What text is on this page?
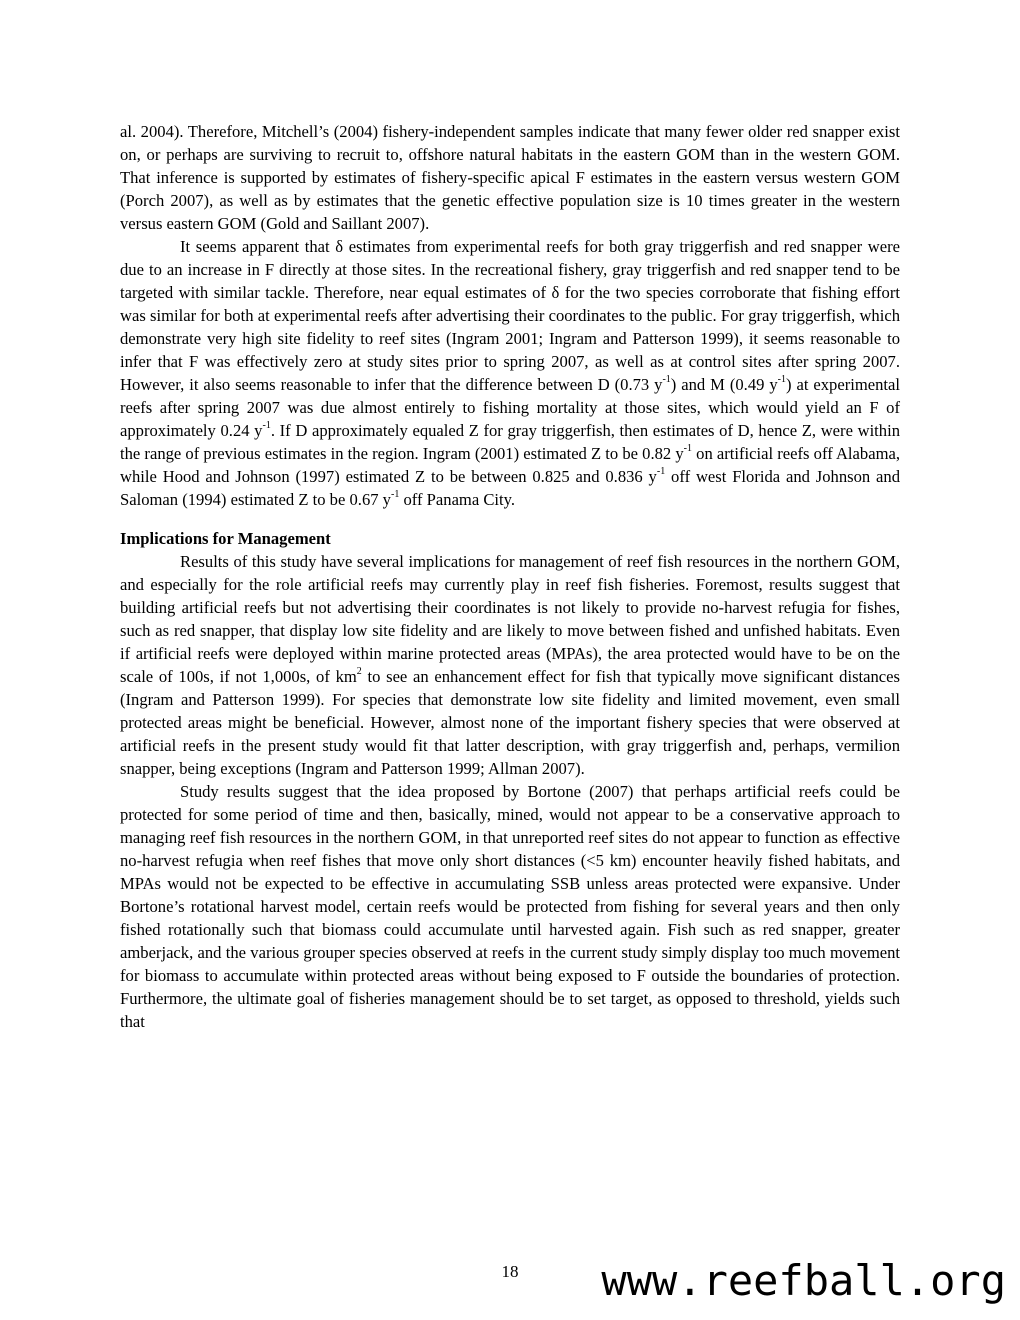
al. 2004). Therefore, Mitchell’s (2004) fishery-independent samples indicate that many fewer older red snapper exist on, or perhaps are surviving to recruit to, offshore natural habitats in the eastern GOM than in the western GOM. That inference is supported by estimates of fishery-specific apical F estimates in the eastern versus western GOM (Porch 2007), as well as by estimates that the genetic effective population size is 10 times greater in the western versus eastern GOM (Gold and Saillant 2007).

It seems apparent that δ estimates from experimental reefs for both gray triggerfish and red snapper were due to an increase in F directly at those sites. In the recreational fishery, gray triggerfish and red snapper tend to be targeted with similar tackle. Therefore, near equal estimates of δ for the two species corroborate that fishing effort was similar for both at experimental reefs after advertising their coordinates to the public. For gray triggerfish, which demonstrate very high site fidelity to reef sites (Ingram 2001; Ingram and Patterson 1999), it seems reasonable to infer that F was effectively zero at study sites prior to spring 2007, as well as at control sites after spring 2007. However, it also seems reasonable to infer that the difference between D (0.73 $y^{-1}$) and M (0.49 $y^{-1}$) at experimental reefs after spring 2007 was due almost entirely to fishing mortality at those sites, which would yield an F of approximately 0.24 $y^{-1}$. If D approximately equaled Z for gray triggerfish, then estimates of D, hence Z, were within the range of previous estimates in the region. Ingram (2001) estimated Z to be 0.82 $y^{-1}$ on artificial reefs off Alabama, while Hood and Johnson (1997) estimated Z to be between 0.825 and 0.836 $y^{-1}$ off west Florida and Johnson and Saloman (1994) estimated Z to be 0.67 $y^{-1}$ off Panama City.

Implications for Management

Results of this study have several implications for management of reef fish resources in the northern GOM, and especially for the role artificial reefs may currently play in reef fish fisheries. Foremost, results suggest that building artificial reefs but not advertising their coordinates is not likely to provide no-harvest refugia for fishes, such as red snapper, that display low site fidelity and are likely to move between fished and unfished habitats. Even if artificial reefs were deployed within marine protected areas (MPAs), the area protected would have to be on the scale of 100s, if not 1,000s, of $km^2$ to see an enhancement effect for fish that typically move significant distances (Ingram and Patterson 1999). For species that demonstrate low site fidelity and limited movement, even small protected areas might be beneficial. However, almost none of the important fishery species that were observed at artificial reefs in the present study would fit that latter description, with gray triggerfish and, perhaps, vermilion snapper, being exceptions (Ingram and Patterson 1999; Allman 2007).

Study results suggest that the idea proposed by Bortone (2007) that perhaps artificial reefs could be protected for some period of time and then, basically, mined, would not appear to be a conservative approach to managing reef fish resources in the northern GOM, in that unreported reef sites do not appear to function as effective no-harvest refugia when reef fishes that move only short distances (<5 km) encounter heavily fished habitats, and MPAs would not be expected to be effective in accumulating SSB unless areas protected were expansive. Under Bortone’s rotational harvest model, certain reefs would be protected from fishing for several years and then only fished rotationally such that biomass could accumulate until harvested again. Fish such as red snapper, greater amberjack, and the various grouper species observed at reefs in the current study simply display too much movement for biomass to accumulate within protected areas without being exposed to F outside the boundaries of protection. Furthermore, the ultimate goal of fisheries management should be to set target, as opposed to threshold, yields such that

18	www.reefball.org
